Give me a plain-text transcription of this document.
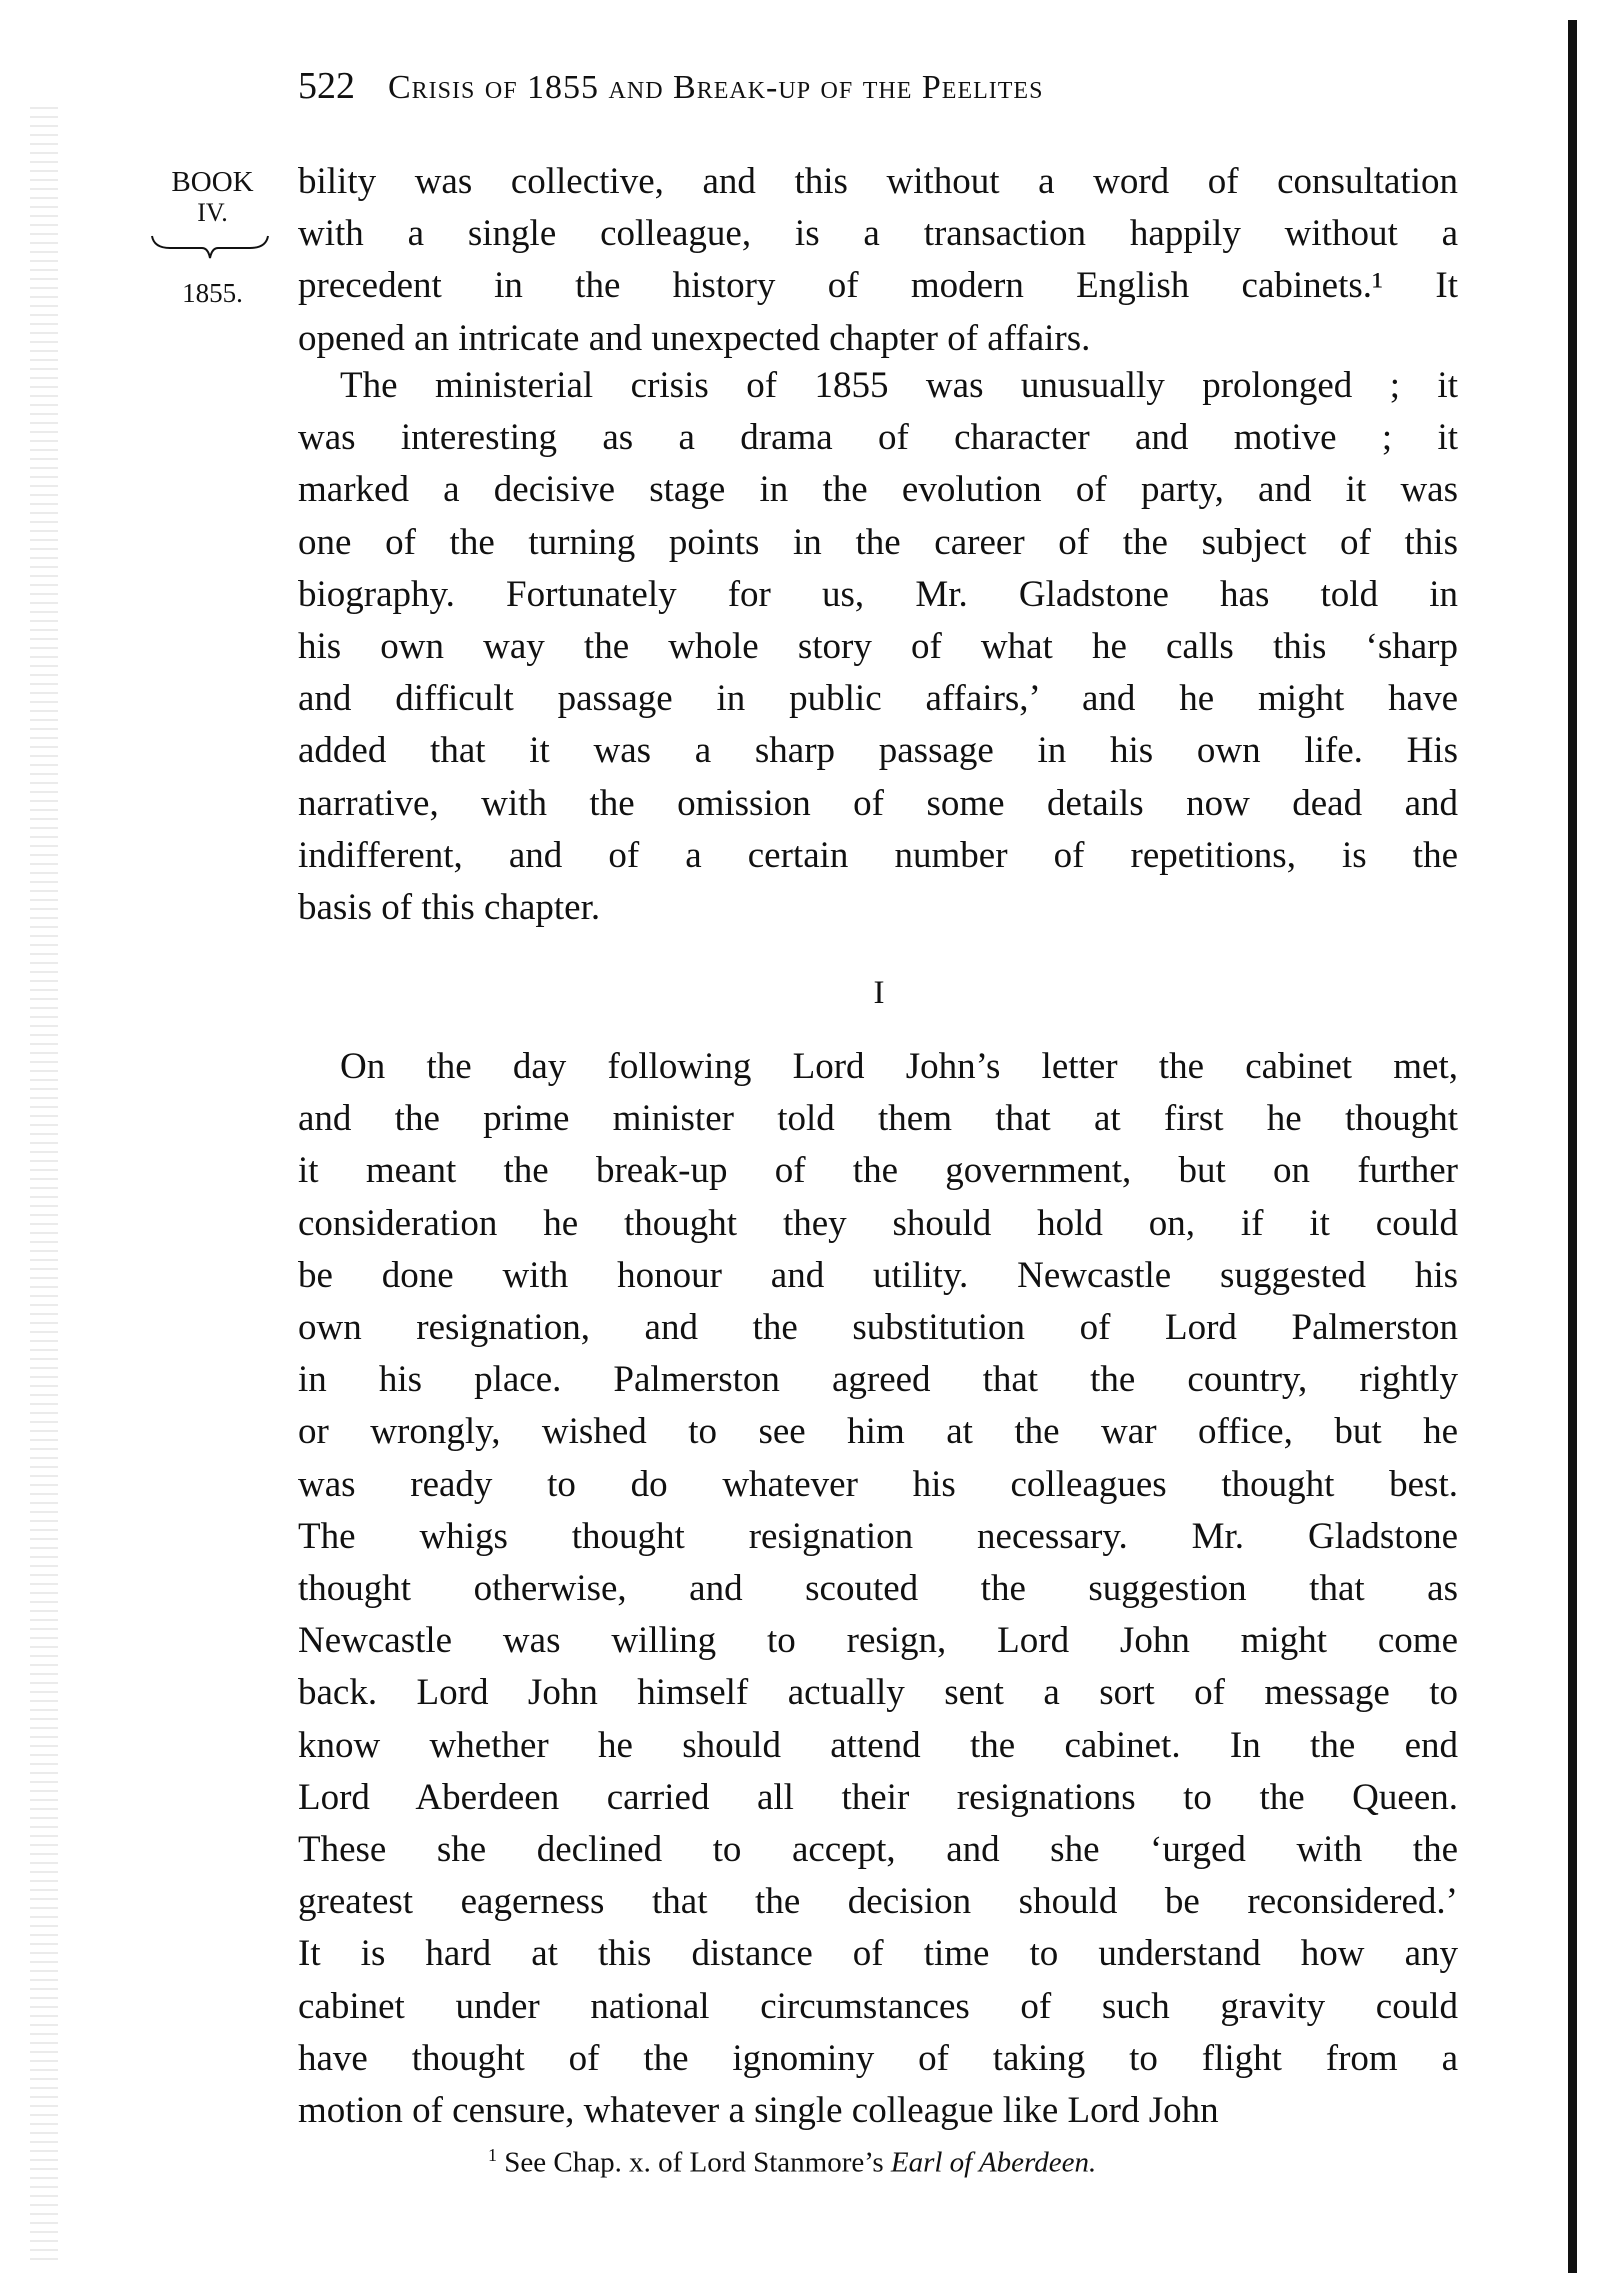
522 Crisis of 1855 and Break-up of the Peelites
BOOK
IV.
1855.
bility was collective, and this without a word of consultation
with a single colleague, is a transaction happily without a
precedent in the history of modern English cabinets.¹ It
opened an intricate and unexpected chapter of affairs.
The ministerial crisis of 1855 was unusually prolonged ; it
was interesting as a drama of character and motive ; it
marked a decisive stage in the evolution of party, and it was
one of the turning points in the career of the subject of this
biography. Fortunately for us, Mr. Gladstone has told in
his own way the whole story of what he calls this ‘sharp
and difficult passage in public affairs,’ and he might have
added that it was a sharp passage in his own life. His
narrative, with the omission of some details now dead and
indifferent, and of a certain number of repetitions, is the
basis of this chapter.
On the day following Lord John’s letter the cabinet met,
and the prime minister told them that at first he thought
it meant the break-up of the government, but on further
consideration he thought they should hold on, if it could
be done with honour and utility. Newcastle suggested his
own resignation, and the substitution of Lord Palmerston
in his place. Palmerston agreed that the country, rightly
or wrongly, wished to see him at the war office, but he
was ready to do whatever his colleagues thought best.
The whigs thought resignation necessary. Mr. Gladstone
thought otherwise, and scouted the suggestion that as
Newcastle was willing to resign, Lord John might come
back. Lord John himself actually sent a sort of message to
know whether he should attend the cabinet. In the end
Lord Aberdeen carried all their resignations to the Queen.
These she declined to accept, and she ‘urged with the
greatest eagerness that the decision should be reconsidered.’
It is hard at this distance of time to understand how any
cabinet under national circumstances of such gravity could
have thought of the ignominy of taking to flight from a
motion of censure, whatever a single colleague like Lord John
I
$^1$ See Chap. x. of Lord Stanmore’s Earl of Aberdeen.
